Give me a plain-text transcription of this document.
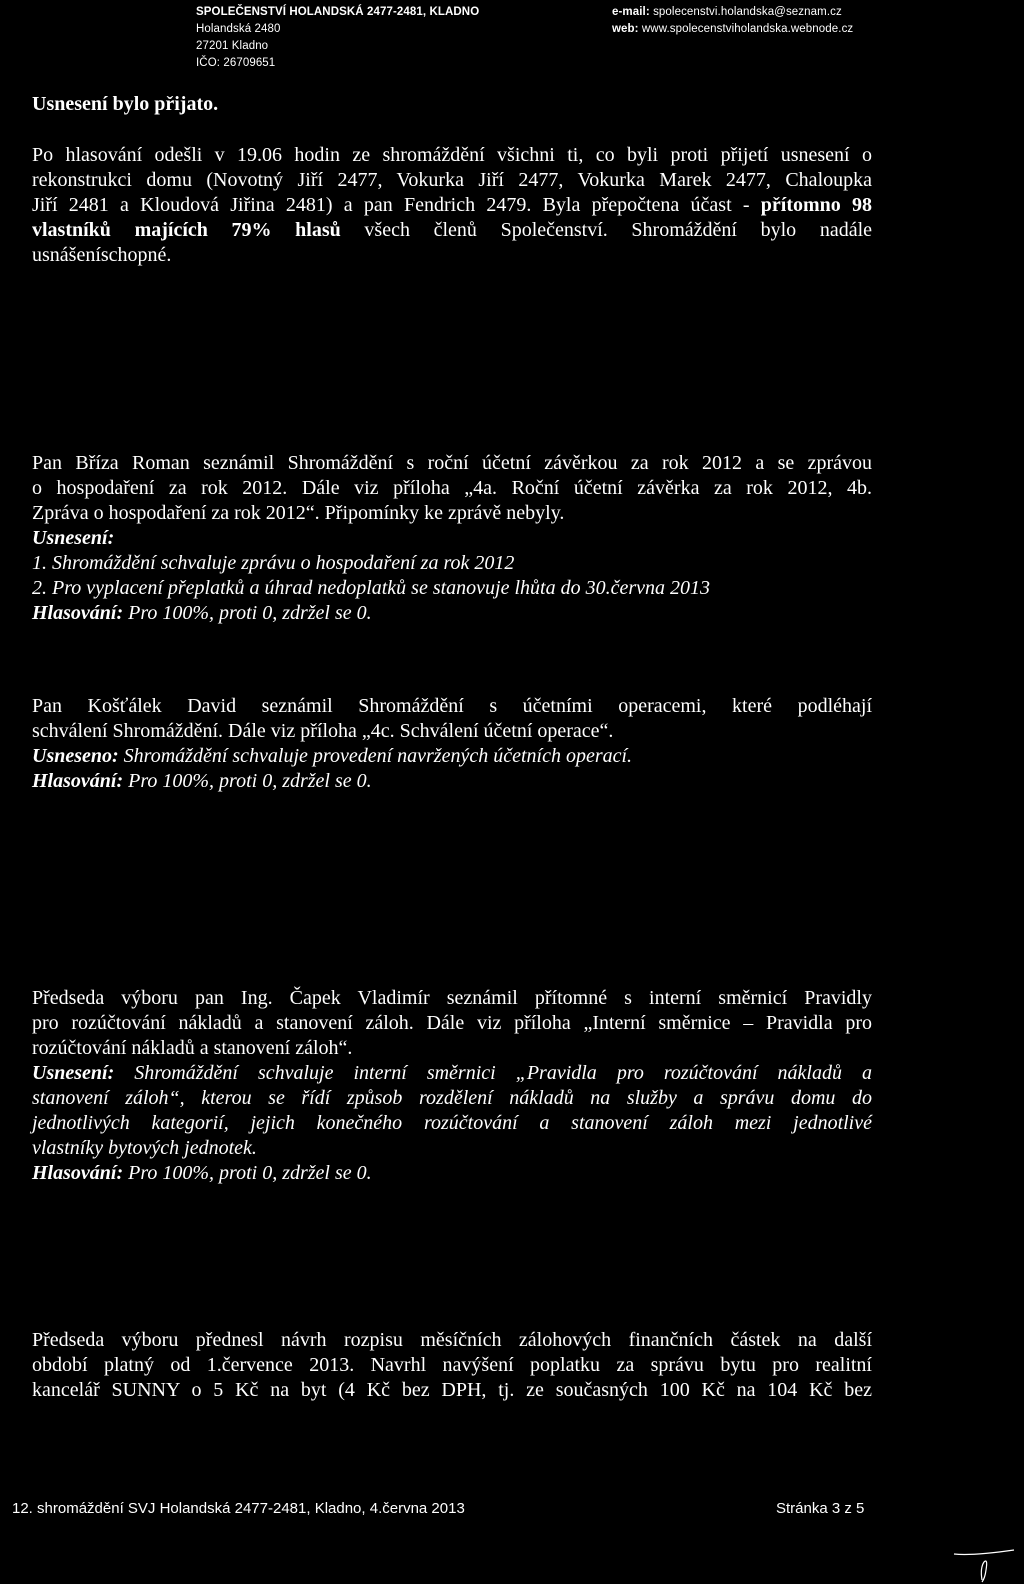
SPOLEČENSTVÍ HOLANDSKÁ 2477-2481, KLADNO
Holandská 2480
27201 Kladno
IČO: 26709651
e-mail: spolecenstvi.holandska@seznam.cz
web: www.spolecenstviholandska.webnode.cz
Usnesení bylo přijato.
Po hlasování odešli v 19.06 hodin ze shromáždění všichni ti, co byli proti přijetí usnesení o
rekonstrukci domu (Novotný Jiří 2477, Vokurka Jiří 2477, Vokurka Marek 2477, Chaloupka
Jiří 2481 a Kloudová Jiřina 2481) a pan Fendrich 2479. Byla přepočtena účast - přítomno 98
vlastníků majících 79% hlasů všech členů Společenství. Shromáždění bylo nadále
usnášeníschopné.
Pan Bříza Roman seznámil Shromáždění s roční účetní závěrkou za rok 2012 a se zprávou
o hospodaření za rok 2012. Dále viz příloha „4a. Roční účetní závěrka za rok 2012, 4b.
Zpráva o hospodaření za rok 2012“. Připomínky ke zprávě nebyly.
Usnesení:
1. Shromáždění schvaluje zprávu o hospodaření za rok 2012
2. Pro vyplacení přeplatků a úhrad nedoplatků se stanovuje lhůta do 30.června 2013
Hlasování: Pro 100%, proti 0, zdržel se 0.
Pan Košťálek David seznámil Shromáždění s účetními operacemi, které podléhají
schválení Shromáždění. Dále viz příloha „4c. Schválení účetní operace“.
Usneseno: Shromáždění schvaluje provedení navržených účetních operací.
Hlasování: Pro 100%, proti 0, zdržel se 0.
Předseda výboru pan Ing. Čapek Vladimír seznámil přítomné s interní směrnicí Pravidly
pro rozúčtování nákladů a stanovení záloh. Dále viz příloha „Interní směrnice – Pravidla pro
rozúčtování nákladů a stanovení záloh“.
Usnesení: Shromáždění schvaluje interní směrnici „Pravidla pro rozúčtování nákladů a
stanovení záloh“, kterou se řídí způsob rozdělení nákladů na služby a správu domu do
jednotlivých kategorií, jejich konečného rozúčtování a stanovení záloh mezi jednotlivé
vlastníky bytových jednotek.
Hlasování: Pro 100%, proti 0, zdržel se 0.
Předseda výboru přednesl návrh rozpisu měsíčních zálohových finančních částek na další
období platný od 1.července 2013. Navrhl navýšení poplatku za správu bytu pro realitní
kancelář SUNNY o 5 Kč na byt (4 Kč bez DPH, tj. ze současných 100 Kč na 104 Kč bez
12. shromáždění SVJ Holandská 2477-2481, Kladno, 4.června 2013	Stránka 3 z 5
